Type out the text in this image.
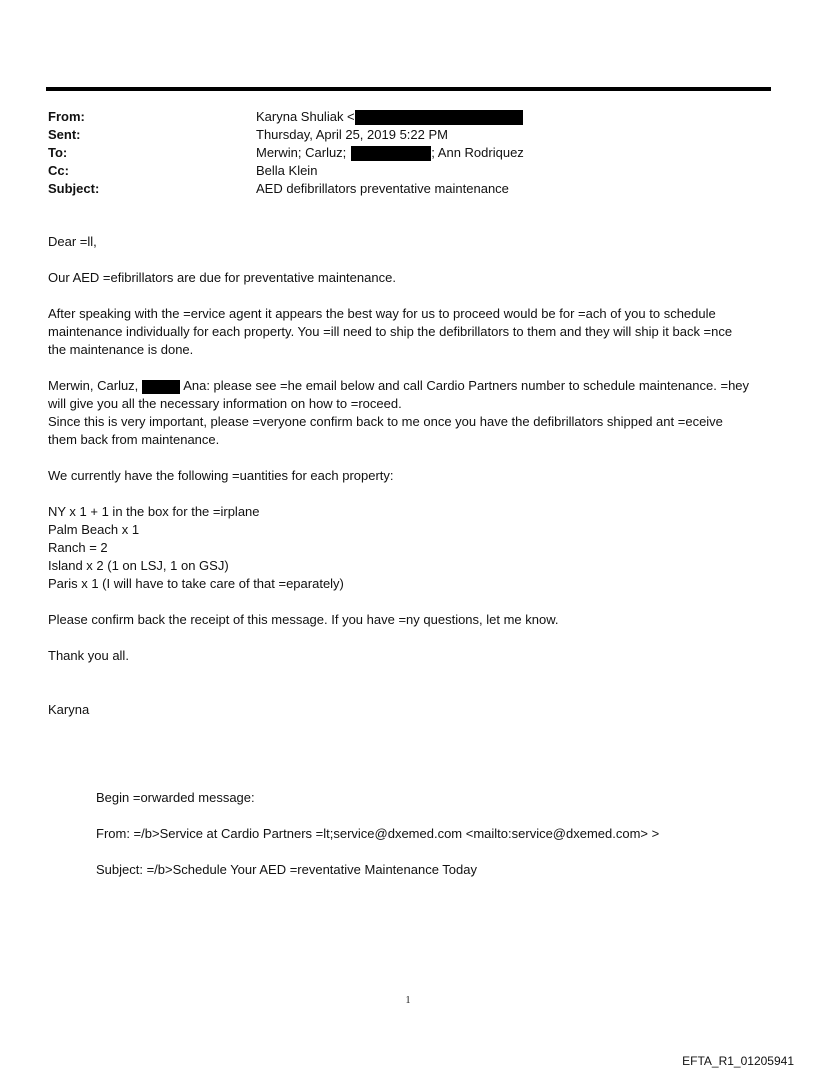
From:	Karyna Shuliak <
Sent:	Thursday, April 25, 2019 5:22 PM
To:	Merwin; Carluz;	; Ann Rodriquez
Cc:	Bella Klein
Subject:	AED defibrillators preventative maintenance

Dear =ll,

Our AED =efibrillators are due for preventative maintenance.

After speaking with the =ervice agent it appears the best way for us to proceed would be for =ach of you to schedule

maintenance individually for each property. You =ill need to ship the defibrillators to them and they will ship it back =nce

the maintenance is done.

Merwin, Carluz,	Ana: please see =he email below and call Cardio Partners number to schedule maintenance. =hey

will give you all the necessary information on how to =roceed.

Since this is very important, please =veryone confirm back to me once you have the defibrillators shipped ant =eceive

them back from maintenance.

We currently have the following =uantities for each property:

NY x 1 + 1 in the box for the =irplane

Palm Beach x 1

Ranch = 2

Island x 2 (1 on LSJ, 1 on GSJ)

Paris x 1 (I will have to take care of that =eparately)

Please confirm back the receipt of this message. If you have =ny questions, let me know.

Thank you all.

Karyna

Begin =orwarded message:

From: =/b>Service at Cardio Partners =lt;service@dxemed.com <mailto:service@dxemed.com> >

Subject: =/b>Schedule Your AED =reventative Maintenance Today

1
EFTA_R1_01205941
